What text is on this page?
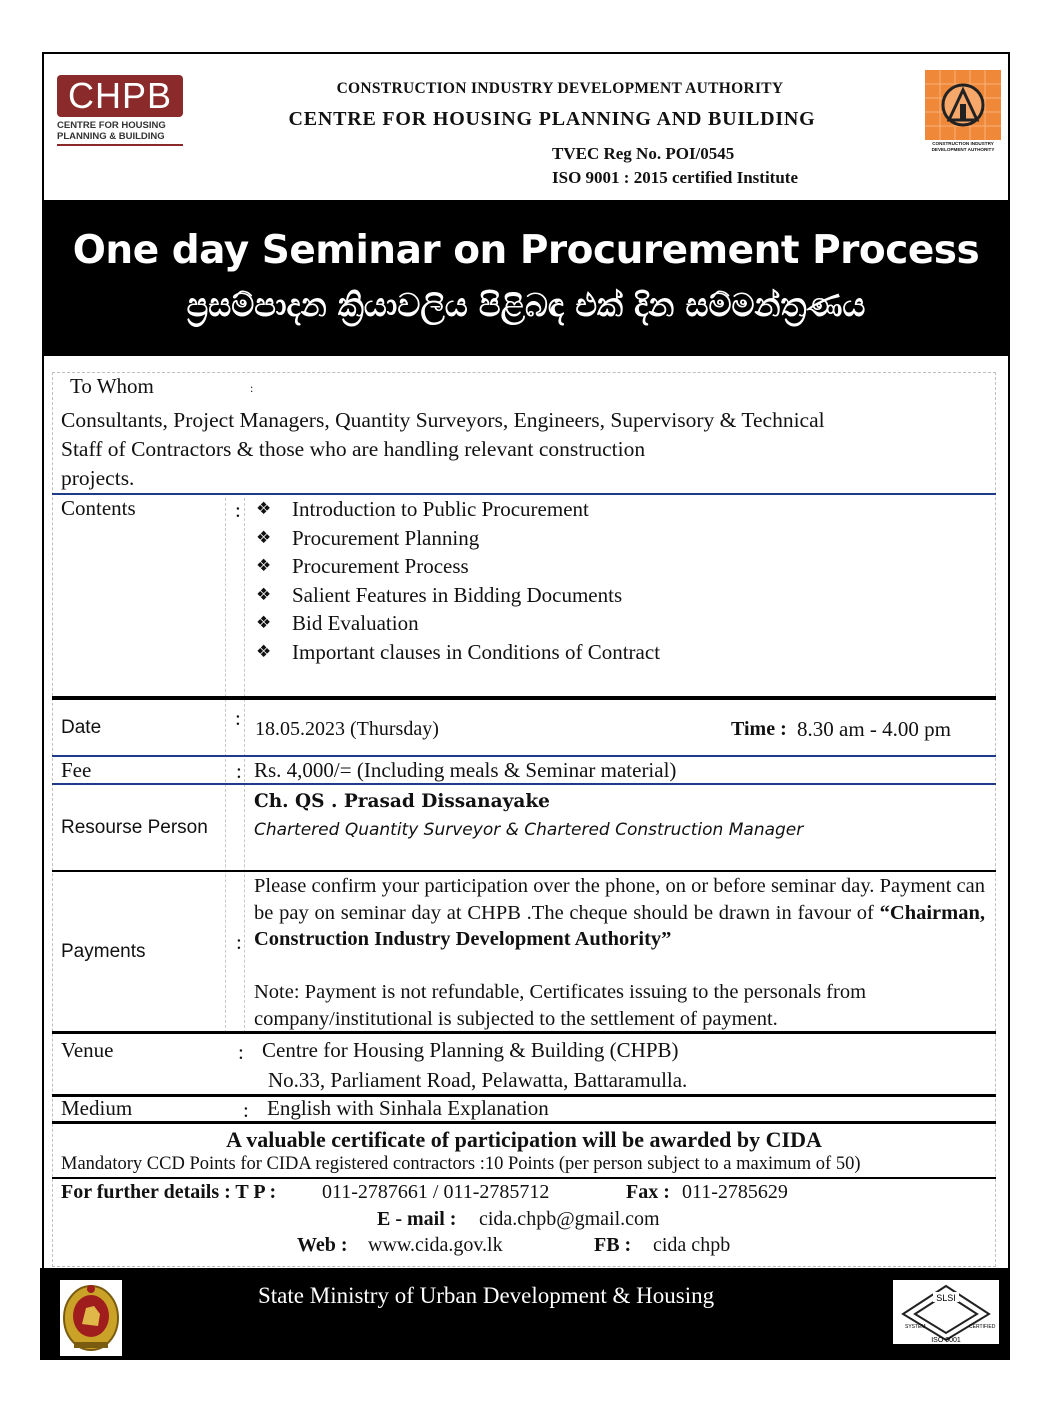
CHPB
CENTRE FOR HOUSING
PLANNING & BUILDING
CONSTRUCTION INDUSTRY DEVELOPMENT AUTHORITY
CENTRE FOR HOUSING PLANNING AND BUILDING
TVEC Reg No. POI/0545
ISO 9001 : 2015 certified Institute
CONSTRUCTION INDUSTRY DEVELOPMENT AUTHORITY
One day Seminar on Procurement Process
ප්‍රසම්පාදන ක්‍රියාවලිය පිළිබඳ එක් දින සම්මන්ත්‍රණය
To Whom	:
Consultants, Project Managers, Quantity Surveyors, Engineers, Supervisory & Technical
Staff of Contractors & those who are handling relevant construction
projects.
Contents	: ❖ Introduction to Public Procurement
❖ Procurement Planning
❖ Procurement Process
❖ Salient Features in Bidding Documents
❖ Bid Evaluation
❖ Important clauses in Conditions of Contract
Date	: 18.05.2023 (Thursday)	Time : 8.30 am - 4.00 pm
Fee	: Rs. 4,000/= (Including meals & Seminar material)
Resourse Person
Ch. QS . Prasad Dissanayake
Chartered Quantity Surveyor & Chartered Construction Manager
Payments	:
Please confirm your participation over the phone, on or before seminar day. Payment can be pay on seminar day at CHPB .The cheque should be drawn in favour of “Chairman, Construction Industry Development Authority”
Note: Payment is not refundable, Certificates issuing to the personals from company/institutional is subjected to the settlement of payment.
Venue	: Centre for Housing Planning & Building (CHPB)
No.33, Parliament Road, Pelawatta, Battaramulla.
Medium	: English with Sinhala Explanation
A valuable certificate of participation will be awarded by CIDA
Mandatory CCD Points for CIDA registered contractors :10 Points (per person subject to a maximum of 50)
For further details : T P : 011-2787661 / 011-2785712	Fax : 011-2785629
E - mail : cida.chpb@gmail.com
Web : www.cida.gov.lk	FB : cida chpb
State Ministry of Urban Development & Housing	SLSI
ISO 9001
SYSTEM	CERTIFIED
